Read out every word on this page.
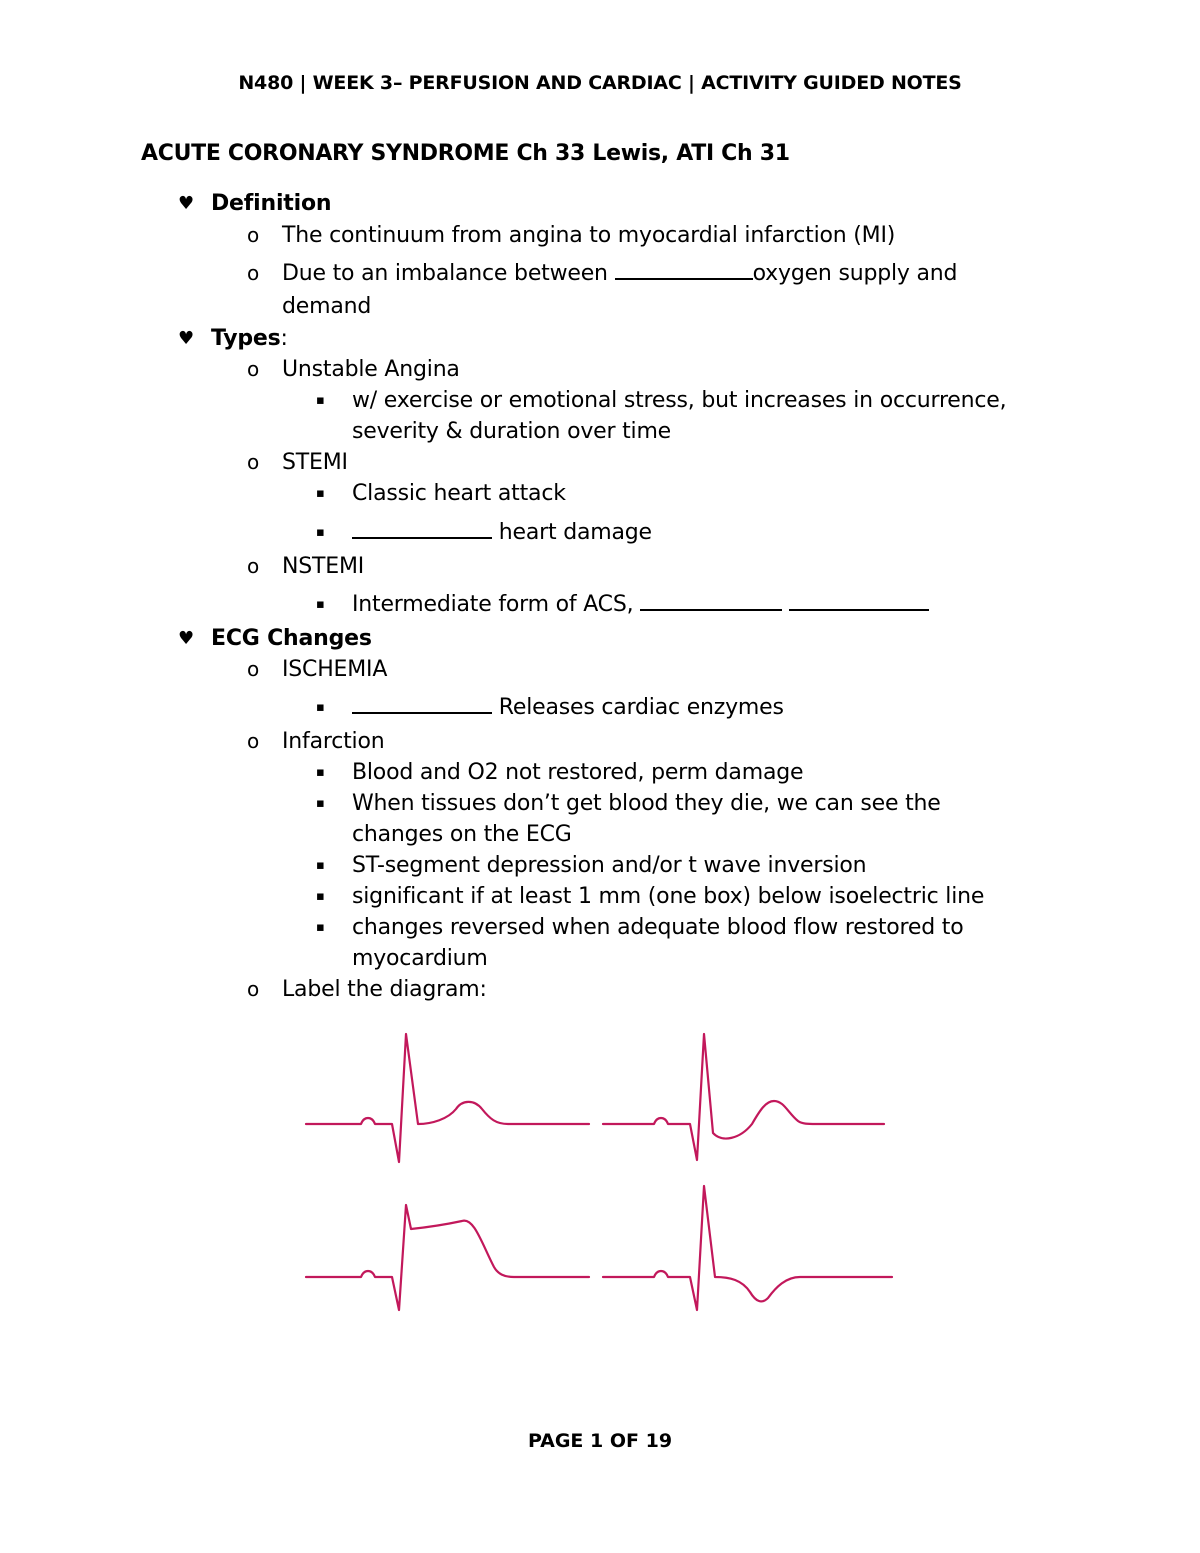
N480 | WEEK 3– PERFUSION AND CARDIAC | ACTIVITY GUIDED NOTES
ACUTE CORONARY SYNDROME Ch 33 Lewis, ATI Ch 31
♥ Definition
o The continuum from angina to myocardial infarction (MI)
o Due to an imbalance between	oxygen supply and
demand
♥ Types:
o Unstable Angina
▪ w/ exercise or emotional stress, but increases in occurrence,
severity & duration over time
o STEMI
▪ Classic heart attack
▪	heart damage
o NSTEMI
▪ Intermediate form of ACS,
♥ ECG Changes
o ISCHEMIA
▪	Releases cardiac enzymes
o Infarction
▪ Blood and O2 not restored, perm damage
▪ When tissues don’t get blood they die, we can see the
changes on the ECG
▪ ST-segment depression and/or t wave inversion
▪ significant if at least 1 mm (one box) below isoelectric line
▪ changes reversed when adequate blood flow restored to
myocardium
o Label the diagram:
PAGE 1 OF 19
